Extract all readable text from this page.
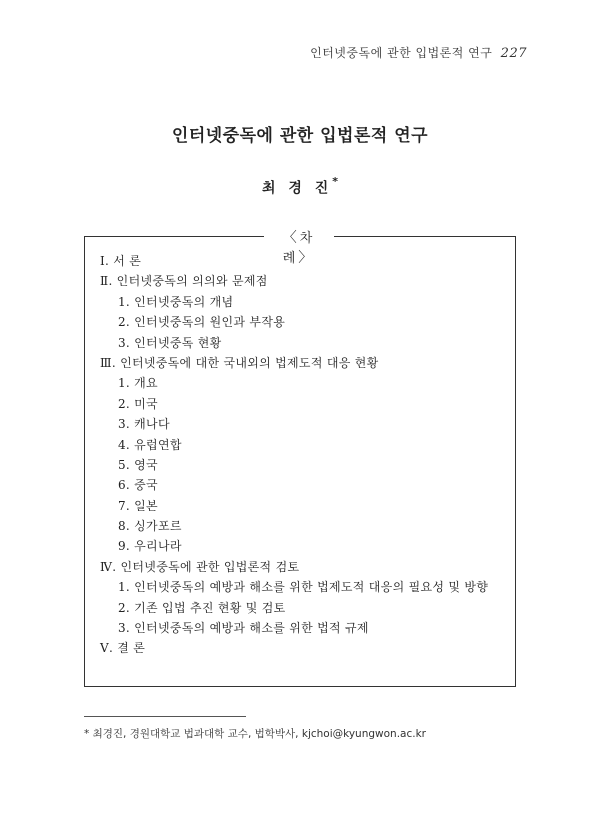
인터넷중독에 관한 입법론적 연구 227
인터넷중독에 관한 입법론적 연구
최 경 진*
〈차 례〉
Ⅰ. 서 론
Ⅱ. 인터넷중독의 의의와 문제점
1. 인터넷중독의 개념
2. 인터넷중독의 원인과 부작용
3. 인터넷중독 현황
Ⅲ. 인터넷중독에 대한 국내외의 법제도적 대응 현황
1. 개요
2. 미국
3. 캐나다
4. 유럽연합
5. 영국
6. 중국
7. 일본
8. 싱가포르
9. 우리나라
Ⅳ. 인터넷중독에 관한 입법론적 검토
1. 인터넷중독의 예방과 해소를 위한 법제도적 대응의 필요성 및 방향
2. 기존 입법 추진 현황 및 검토
3. 인터넷중독의 예방과 해소를 위한 법적 규제
Ⅴ. 결 론
* 최경진, 경원대학교 법과대학 교수, 법학박사, kjchoi@kyungwon.ac.kr
